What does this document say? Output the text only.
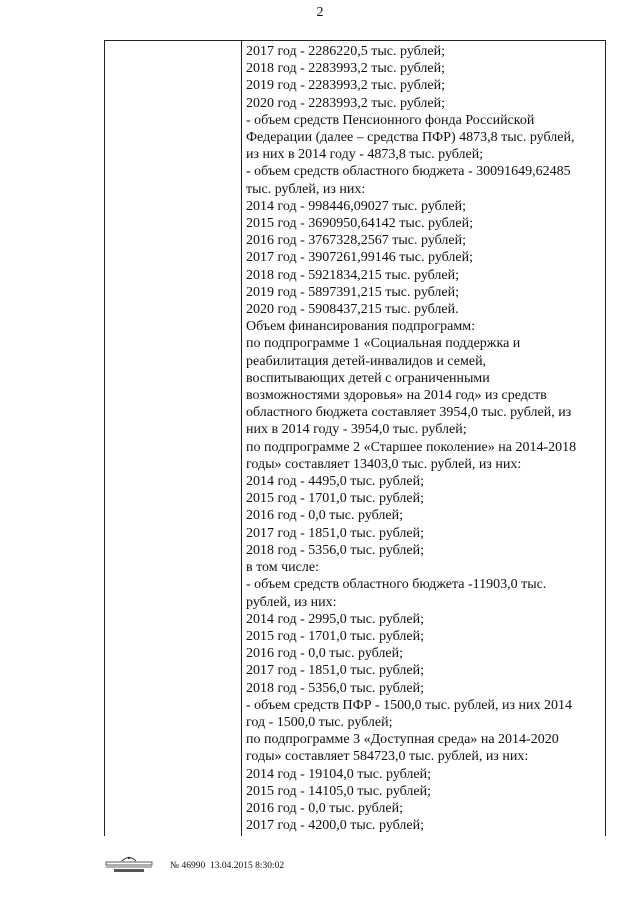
2
2017 год - 2286220,5 тыс. рублей;
2018 год - 2283993,2 тыс. рублей;
2019 год - 2283993,2 тыс. рублей;
2020 год - 2283993,2 тыс. рублей;
- объем средств Пенсионного фонда Российской
Федерации (далее – средства ПФР) 4873,8 тыс. рублей,
из них в 2014 году - 4873,8 тыс. рублей;
- объем средств областного бюджета - 30091649,62485
тыс. рублей, из них:
2014 год - 998446,09027 тыс. рублей;
2015 год - 3690950,64142 тыс. рублей;
2016 год - 3767328,2567 тыс. рублей;
2017 год - 3907261,99146 тыс. рублей;
2018 год - 5921834,215 тыс. рублей;
2019 год - 5897391,215 тыс. рублей;
2020 год - 5908437,215 тыс. рублей.
Объем финансирования подпрограмм:
по подпрограмме 1 «Социальная поддержка и
реабилитация детей-инвалидов и семей,
воспитывающих детей с ограниченными
возможностями здоровья» на 2014 год» из средств
областного бюджета составляет 3954,0 тыс. рублей, из
них в 2014 году - 3954,0 тыс. рублей;
по подпрограмме 2 «Старшее поколение» на 2014-2018
годы» составляет 13403,0 тыс. рублей, из них:
2014 год - 4495,0 тыс. рублей;
2015 год - 1701,0 тыс. рублей;
2016 год - 0,0 тыс. рублей;
2017 год - 1851,0 тыс. рублей;
2018 год - 5356,0 тыс. рублей;
в том числе:
- объем средств областного бюджета -11903,0 тыс.
рублей, из них:
2014 год - 2995,0 тыс. рублей;
2015 год - 1701,0 тыс. рублей;
2016 год - 0,0 тыс. рублей;
2017 год - 1851,0 тыс. рублей;
2018 год - 5356,0 тыс. рублей;
- объем средств ПФР - 1500,0 тыс. рублей, из них 2014
год - 1500,0 тыс. рублей;
по подпрограмме 3 «Доступная среда» на 2014-2020
годы» составляет 584723,0 тыс. рублей, из них:
2014 год - 19104,0 тыс. рублей;
2015 год - 14105,0 тыс. рублей;
2016 год - 0,0 тыс. рублей;
2017 год - 4200,0 тыс. рублей;
№ 46990 13.04.2015 8:30:02
